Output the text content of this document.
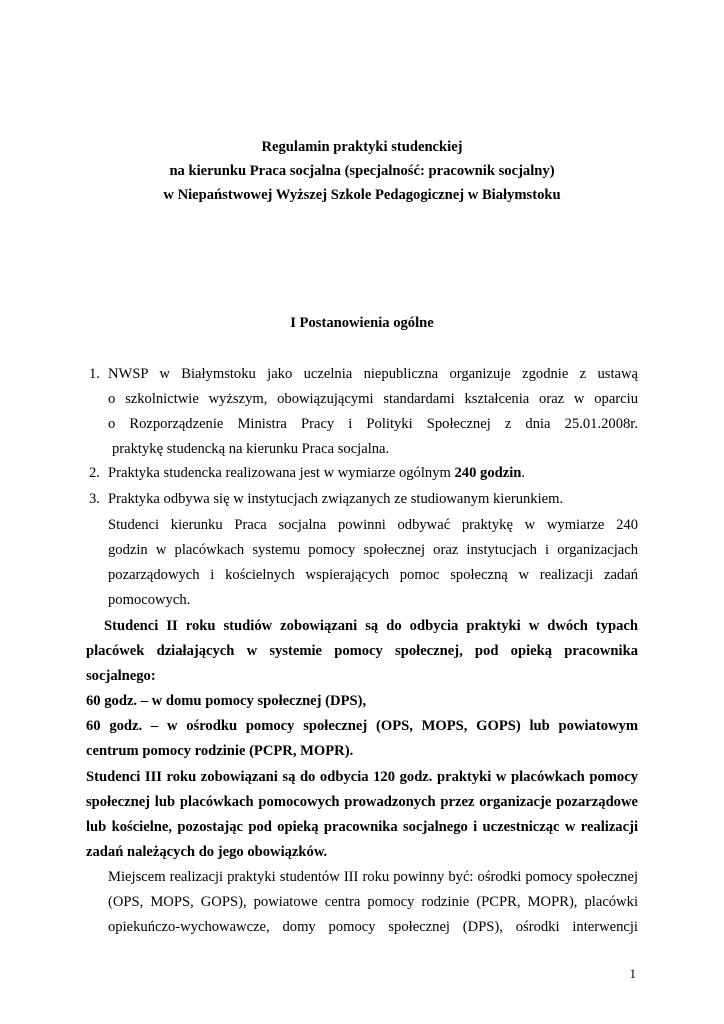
Regulamin praktyki studenckiej
na kierunku Praca socjalna (specjalność: pracownik socjalny)
w Niepaństwowej Wyższej Szkole Pedagogicznej w Białymstoku
I Postanowienia ogólne
1. NWSP w Białymstoku jako uczelnia niepubliczna organizuje zgodnie z ustawą
o szkolnictwie wyższym, obowiązującymi standardami kształcenia oraz w oparciu
o Rozporządzenie Ministra Pracy i Polityki Społecznej z dnia 25.01.2008r.
praktykę studencką na kierunku Praca socjalna.
2. Praktyka studencka realizowana jest w wymiarze ogólnym 240 godzin.
3. Praktyka odbywa się w instytucjach związanych ze studiowanym kierunkiem.
Studenci kierunku Praca socjalna powinni odbywać praktykę w wymiarze 240
godzin w placówkach systemu pomocy społecznej oraz instytucjach i organizacjach
pozarządowych i kościelnych wspierających pomoc społeczną w realizacji zadań
pomocowych.
Studenci II roku studiów zobowiązani są do odbycia praktyki w dwóch typach
placówek działających w systemie pomocy społecznej, pod opieką pracownika
socjalnego:
60 godz. – w domu pomocy społecznej (DPS),
60 godz. – w ośrodku pomocy społecznej (OPS, MOPS, GOPS) lub powiatowym
centrum pomocy rodzinie (PCPR, MOPR).
Studenci III roku zobowiązani są do odbycia 120 godz. praktyki w placówkach pomocy
społecznej lub placówkach pomocowych prowadzonych przez organizacje pozarządowe
lub kościelne, pozostając pod opieką pracownika socjalnego i uczestnicząc w realizacji
zadań należących do jego obowiązków.
Miejscem realizacji praktyki studentów III roku powinny być: ośrodki pomocy społecznej
(OPS, MOPS, GOPS), powiatowe centra pomocy rodzinie (PCPR, MOPR), placówki
opiekuńczo-wychowawcze, domy pomocy społecznej (DPS), ośrodki interwencji
1
